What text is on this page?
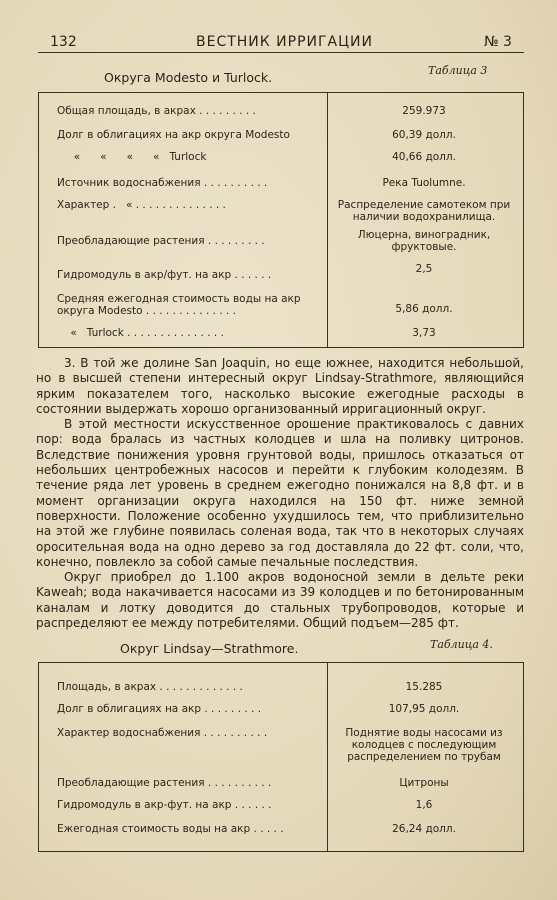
132	ВЕСТНИК ИРРИГАЦИИ	№ 3
Округа Modesto и Turlock.	Таблица 3
Общая площадь, в акрах . . . . . . . . .	259.973
Долг в облигациях на акр округа Modesto	60,39 долл.
«      «      «      «   Turlock	40,66 долл.
Источник водоснабжения . . . . . . . . . .	Река Tuolumne.
Характер .   « . . . . . . . . . . . . . .	Распределение самотеком при наличии водохранилища.
Преобладающие растения . . . . . . . . .	Люцерна, виноградник, фруктовые.
Гидромодуль в акр/фут. на акр . . . . . .	2,5
Средняя ежегодная стоимость воды на акр
округа Modesto . . . . . . . . . . . . . .	5,86 долл.
«   Turlock . . . . . . . . . . . . . . .	3,73

3. В той же долине San Joaquin, но еще южнее, находится небольшой, но в высшей степени интересный округ Lindsay-Strathmore, являющийся ярким показателем того, насколько высокие ежегодные расходы в состоянии выдержать хорошо организованный ирригационный округ.

В этой местности искусственное орошение практиковалось с давних пор: вода бралась из частных колодцев и шла на поливку цитронов. Вследствие понижения уровня грунтовой воды, пришлось отказаться от небольших центробежных насосов и перейти к глубоким колодезям. В течение ряда лет уровень в среднем ежегодно понижался на 8,8 фт. и в момент организации округа находился на 150 фт. ниже земной поверхности. Положение особенно ухудшилось тем, что приблизительно на этой же глубине появилась соленая вода, так что в некоторых случаях оросительная вода на одно дерево за год доставляла до 22 фт. соли, что, конечно, повлекло за собой самые печальные последствия.

Округ приобрел до 1.100 акров водоносной земли в дельте реки Kaweah; вода накачивается насосами из 39 колодцев и по бетонированным каналам и лотку доводится до стальных трубопроводов, которые и распределяют ее между потребителями. Общий подъем—285 фт.

Округ Lindsay—Strathmore.	Таблица 4.
Площадь, в акрах . . . . . . . . . . . . .	15.285
Долг в облигациях на акр . . . . . . . . .	107,95 долл.
Характер водоснабжения . . . . . . . . . .	Поднятие воды насосами из колодцев с последующим распределением по трубам
Преобладающие растения . . . . . . . . . .	Цитроны
Гидромодуль в акр-фут. на акр . . . . . .	1,6
Ежегодная стоимость воды на акр . . . . .	26,24 долл.
